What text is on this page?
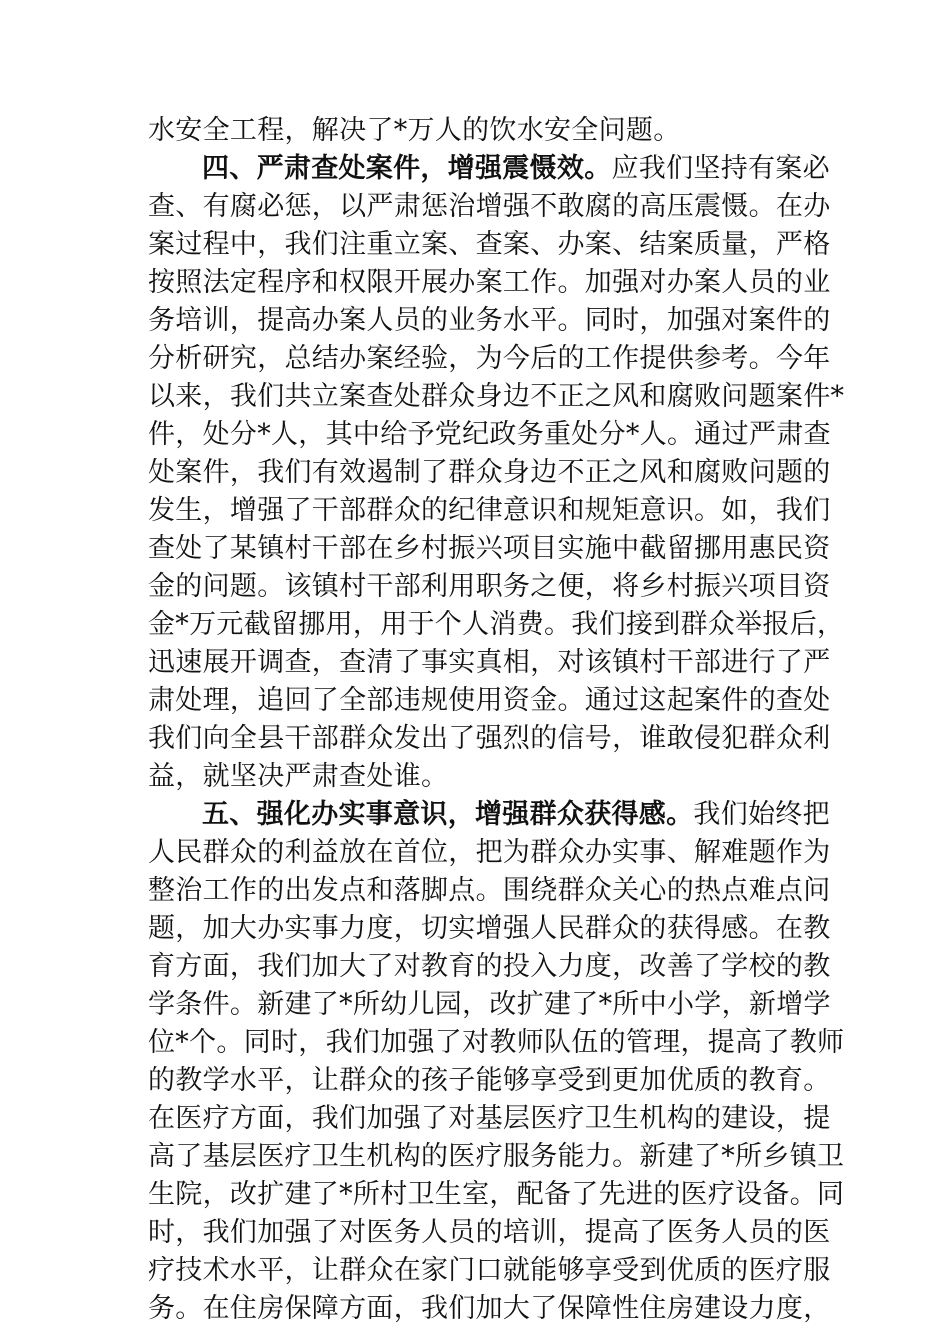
水安全工程，解决了*万人的饮水安全问题。
四、严肃查处案件，增强震慑效。应我们坚持有案必
查、有腐必惩，以严肃惩治增强不敢腐的高压震慑。在办
案过程中，我们注重立案、查案、办案、结案质量，严格
按照法定程序和权限开展办案工作。加强对办案人员的业
务培训，提高办案人员的业务水平。同时，加强对案件的
分析研究，总结办案经验，为今后的工作提供参考。今年
以来，我们共立案查处群众身边不正之风和腐败问题案件*
件，处分*人，其中给予党纪政务重处分*人。通过严肃查
处案件，我们有效遏制了群众身边不正之风和腐败问题的
发生，增强了干部群众的纪律意识和规矩意识。如，我们
查处了某镇村干部在乡村振兴项目实施中截留挪用惠民资
金的问题。该镇村干部利用职务之便，将乡村振兴项目资
金*万元截留挪用，用于个人消费。我们接到群众举报后，
迅速展开调查，查清了事实真相，对该镇村干部进行了严
肃处理，追回了全部违规使用资金。通过这起案件的查处
我们向全县干部群众发出了强烈的信号，谁敢侵犯群众利
益，就坚决严肃查处谁。
五、强化办实事意识，增强群众获得感。我们始终把
人民群众的利益放在首位，把为群众办实事、解难题作为
整治工作的出发点和落脚点。围绕群众关心的热点难点问
题，加大办实事力度，切实增强人民群众的获得感。在教
育方面，我们加大了对教育的投入力度，改善了学校的教
学条件。新建了*所幼儿园，改扩建了*所中小学，新增学
位*个。同时，我们加强了对教师队伍的管理，提高了教师
的教学水平，让群众的孩子能够享受到更加优质的教育。
在医疗方面，我们加强了对基层医疗卫生机构的建设，提
高了基层医疗卫生机构的医疗服务能力。新建了*所乡镇卫
生院，改扩建了*所村卫生室，配备了先进的医疗设备。同
时，我们加强了对医务人员的培训，提高了医务人员的医
疗技术水平，让群众在家门口就能够享受到优质的医疗服
务。在住房保障方面，我们加大了保障性住房建设力度，
